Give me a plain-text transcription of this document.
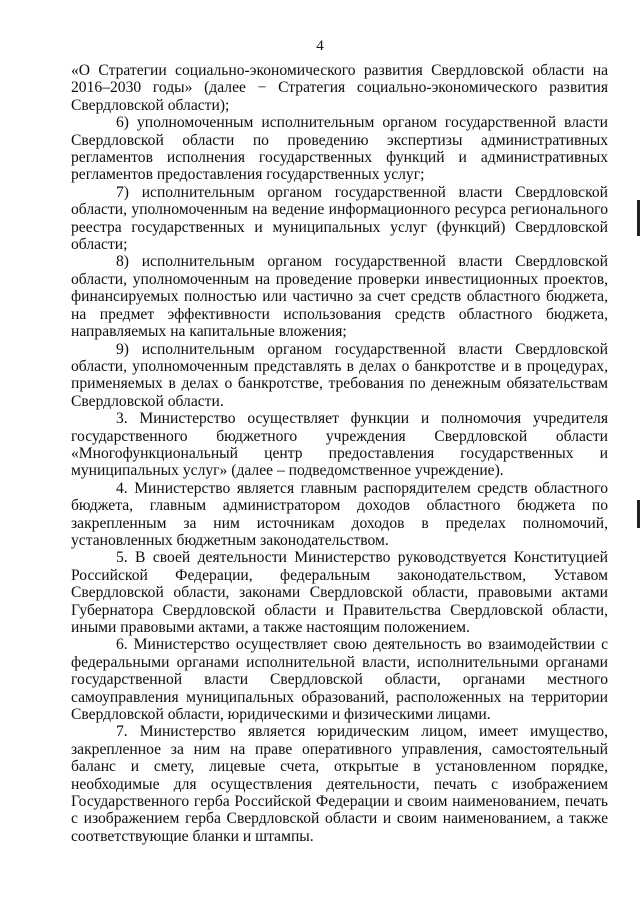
4

«О Стратегии социально-экономического развития Свердловской области на 2016–2030 годы» (далее − Стратегия социально-экономического развития Свердловской области);

6) уполномоченным исполнительным органом государственной власти Свердловской области по проведению экспертизы административных регламентов исполнения государственных функций и административных регламентов предоставления государственных услуг;

7) исполнительным органом государственной власти Свердловской области, уполномоченным на ведение информационного ресурса регионального реестра государственных и муниципальных услуг (функций) Свердловской области;

8) исполнительным органом государственной власти Свердловской области, уполномоченным на проведение проверки инвестиционных проектов, финансируемых полностью или частично за счет средств областного бюджета, на предмет эффективности использования средств областного бюджета, направляемых на капитальные вложения;

9) исполнительным органом государственной власти Свердловской области, уполномоченным представлять в делах о банкротстве и в процедурах, применяемых в делах о банкротстве, требования по денежным обязательствам Свердловской области.

3. Министерство осуществляет функции и полномочия учредителя государственного бюджетного учреждения Свердловской области «Многофункциональный центр предоставления государственных и муниципальных услуг» (далее – подведомственное учреждение).

4. Министерство является главным распорядителем средств областного бюджета, главным администратором доходов областного бюджета по закрепленным за ним источникам доходов в пределах полномочий, установленных бюджетным законодательством.

5. В своей деятельности Министерство руководствуется Конституцией Российской Федерации, федеральным законодательством, Уставом Свердловской области, законами Свердловской области, правовыми актами Губернатора Свердловской области и Правительства Свердловской области, иными правовыми актами, а также настоящим положением.

6. Министерство осуществляет свою деятельность во взаимодействии с федеральными органами исполнительной власти, исполнительными органами государственной власти Свердловской области, органами местного самоуправления муниципальных образований, расположенных на территории Свердловской области, юридическими и физическими лицами.

7. Министерство является юридическим лицом, имеет имущество, закрепленное за ним на праве оперативного управления, самостоятельный баланс и смету, лицевые счета, открытые в установленном порядке, необходимые для осуществления деятельности, печать с изображением Государственного герба Российской Федерации и своим наименованием, печать с изображением герба Свердловской области и своим наименованием, а также соответствующие бланки и штампы.
